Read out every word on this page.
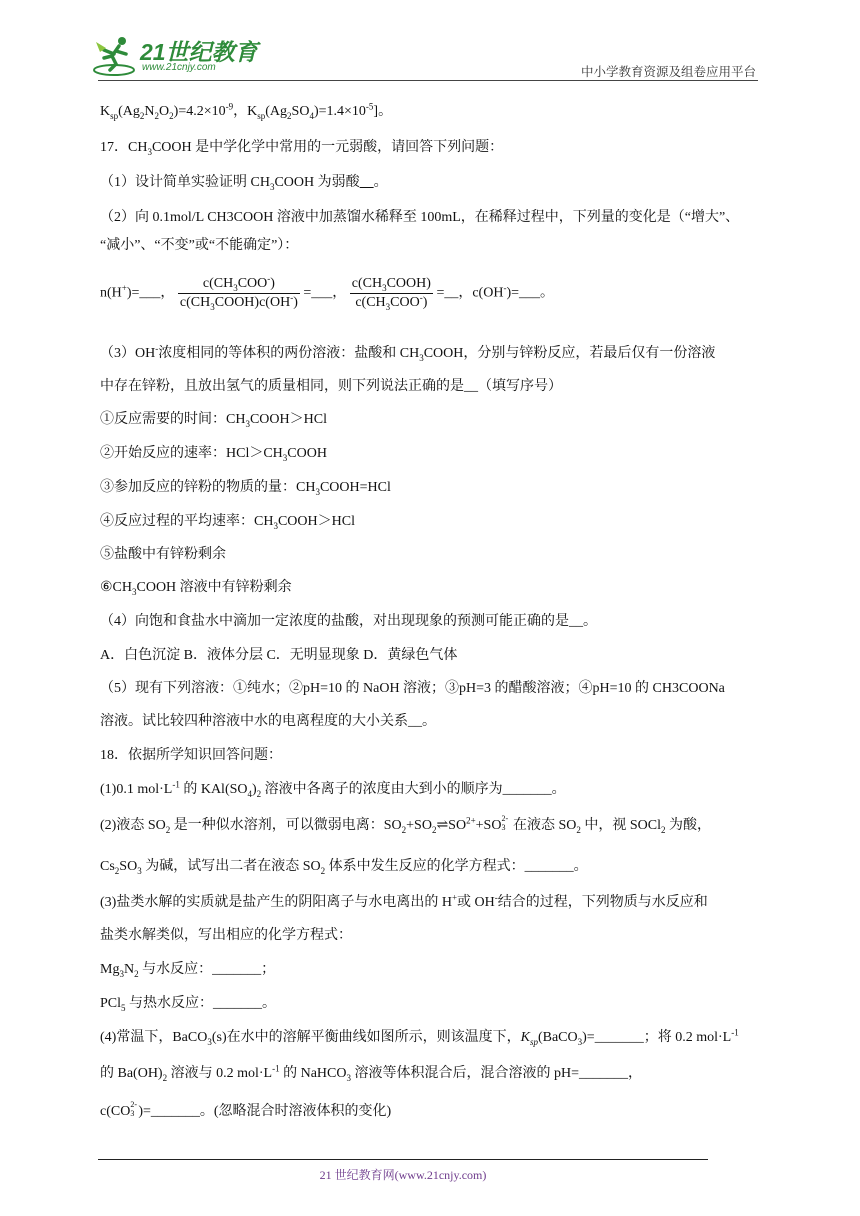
21世纪教育
www.21cnjy.com	中小学教育资源及组卷应用平台
$K_{sp}(Ag_2N_2O_2)=4.2\times 10^{-9}$，$K_{sp}(Ag_2SO_4)=1.4\times 10^{-5}$]。
17．$CH_3COOH$ 是中学化学中常用的一元弱酸，请回答下列问题：
（1）设计简单实验证明 $CH_3COOH$ 为弱酸 。
（2）向 0.1mol/L CH3COOH 溶液中加蒸馏水稀释至 100mL，在稀释过程中，下列量的变化是（“增大”、
“减小”、“不变”或“不能确定”）：
n(H+)=___， $\frac{c(CH_3COO^-)}{c(CH_3COOH)c(OH^-)}$ =___， $\frac{c(CH_3COOH)}{c(CH_3COO^-)}$ =__，c(OH-)=___。
（3）OH-浓度相同的等体积的两份溶液：盐酸和 $CH_3COOH$，分别与锌粉反应，若最后仅有一份溶液
中存在锌粉，且放出氢气的质量相同，则下列说法正确的是__（填写序号）
①反应需要的时间：$CH_3COOH>HCl$
②开始反应的速率：$HCl>CH_3COOH$
③参加反应的锌粉的物质的量：$CH_3COOH=HCl$
④反应过程的平均速率：$CH_3COOH>HCl$
⑤盐酸中有锌粉剩余
$⑥CH_3COOH$ 溶液中有锌粉剩余
（4）向饱和食盐水中滴加一定浓度的盐酸，对出现现象的预测可能正确的是__。
A．白色沉淀 B．液体分层 C．无明显现象 D．黄绿色气体
（5）现有下列溶液：①纯水；②pH=10 的 NaOH 溶液；③pH=3 的醋酸溶液；④pH=10 的 CH3COONa
溶液。试比较四种溶液中水的电离程度的大小关系__。
18．依据所学知识回答问题：
(1)0.1 $mol\cdot L^{-1}$ 的 $KAl(SO_4)_2$ 溶液中各离子的浓度由大到小的顺序为_______。
(2)液态 $SO_2$ 是一种似水溶剂，可以微弱电离：$SO_2+SO_2\rightleftharpoons SO^{2+}+SO$ 2-
3 在液态 $SO_2$ 中，视 SOCl$_2$ 为酸，
$Cs_2SO_3$ 为碱，试写出二者在液态 $SO_2$ 体系中发生反应的化学方程式：_______。
(3)盐类水解的实质就是盐产生的阴阳离子与水电离出的 H+或 OH-结合的过程，下列物质与水反应和
盐类水解类似，写出相应的化学方程式：
$Mg_3N_2$ 与水反应：_______；
PCl$_5$ 与热水反应：_______。
(4)常温下，BaCO$_3$(s)在水中的溶解平衡曲线如图所示，则该温度下，$K_{sp}(BaCO_3)=\_\_\_\_\_\_\_$；将 0.2 $mol\cdot L^{-1}$
的 $Ba(OH)_2$ 溶液与 0.2 $mol\cdot L^{-1}$ 的 NaHCO$_3$ 溶液等体积混合后，混合溶液的 pH=_______，
c(CO 2-
3 )=_______。(忽略混合时溶液体积的变化)
21 世纪教育网(www.21cnjy.com)
